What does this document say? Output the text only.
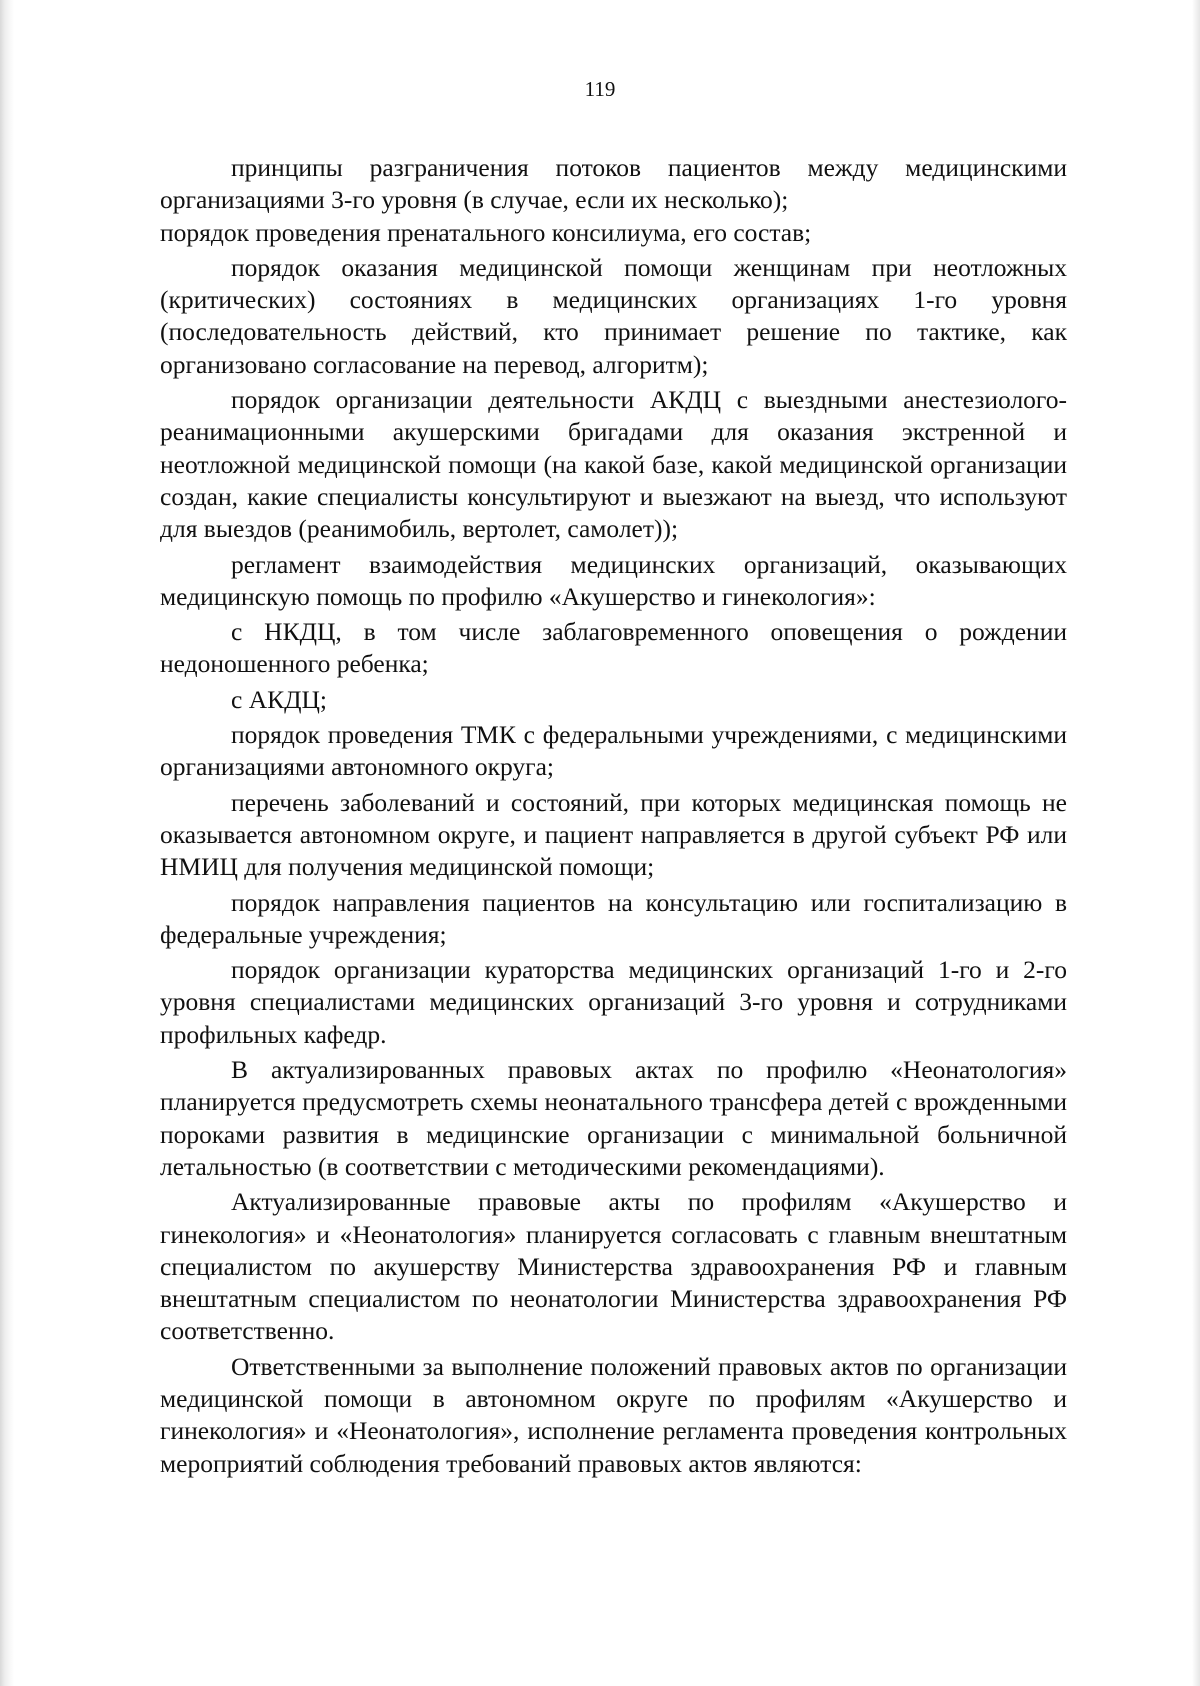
119

принципы разграничения потоков пациентов между медицинскими организациями 3-го уровня (в случае, если их несколько);

порядок проведения пренатального консилиума, его состав;

порядок оказания медицинской помощи женщинам при неотложных (критических) состояниях в медицинских организациях 1-го уровня (последовательность действий, кто принимает решение по тактике, как организовано согласование на перевод, алгоритм);

порядок организации деятельности АКДЦ с выездными анестезиолого-реанимационными акушерскими бригадами для оказания экстренной и неотложной медицинской помощи (на какой базе, какой медицинской организации создан, какие специалисты консультируют и выезжают на выезд, что используют для выездов (реанимобиль, вертолет, самолет));

регламент взаимодействия медицинских организаций, оказывающих медицинскую помощь по профилю «Акушерство и гинекология»:

с НКДЦ, в том числе заблаговременного оповещения о рождении недоношенного ребенка;

с АКДЦ;

порядок проведения ТМК с федеральными учреждениями, с медицинскими организациями автономного округа;

перечень заболеваний и состояний, при которых медицинская помощь не оказывается автономном округе, и пациент направляется в другой субъект РФ или НМИЦ для получения медицинской помощи;

порядок направления пациентов на консультацию или госпитализацию в федеральные учреждения;

порядок организации кураторства медицинских организаций 1-го и 2-го уровня специалистами медицинских организаций 3-го уровня и сотрудниками профильных кафедр.

В актуализированных правовых актах по профилю «Неонатология» планируется предусмотреть схемы неонатального трансфера детей с врожденными пороками развития в медицинские организации с минимальной больничной летальностью (в соответствии с методическими рекомендациями).

Актуализированные правовые акты по профилям «Акушерство и гинекология» и «Неонатология» планируется согласовать с главным внештатным специалистом по акушерству Министерства здравоохранения РФ и главным внештатным специалистом по неонатологии Министерства здравоохранения РФ соответственно.

Ответственными за выполнение положений правовых актов по организации медицинской помощи в автономном округе по профилям «Акушерство и гинекология» и «Неонатология», исполнение регламента проведения контрольных мероприятий соблюдения требований правовых актов являются:
